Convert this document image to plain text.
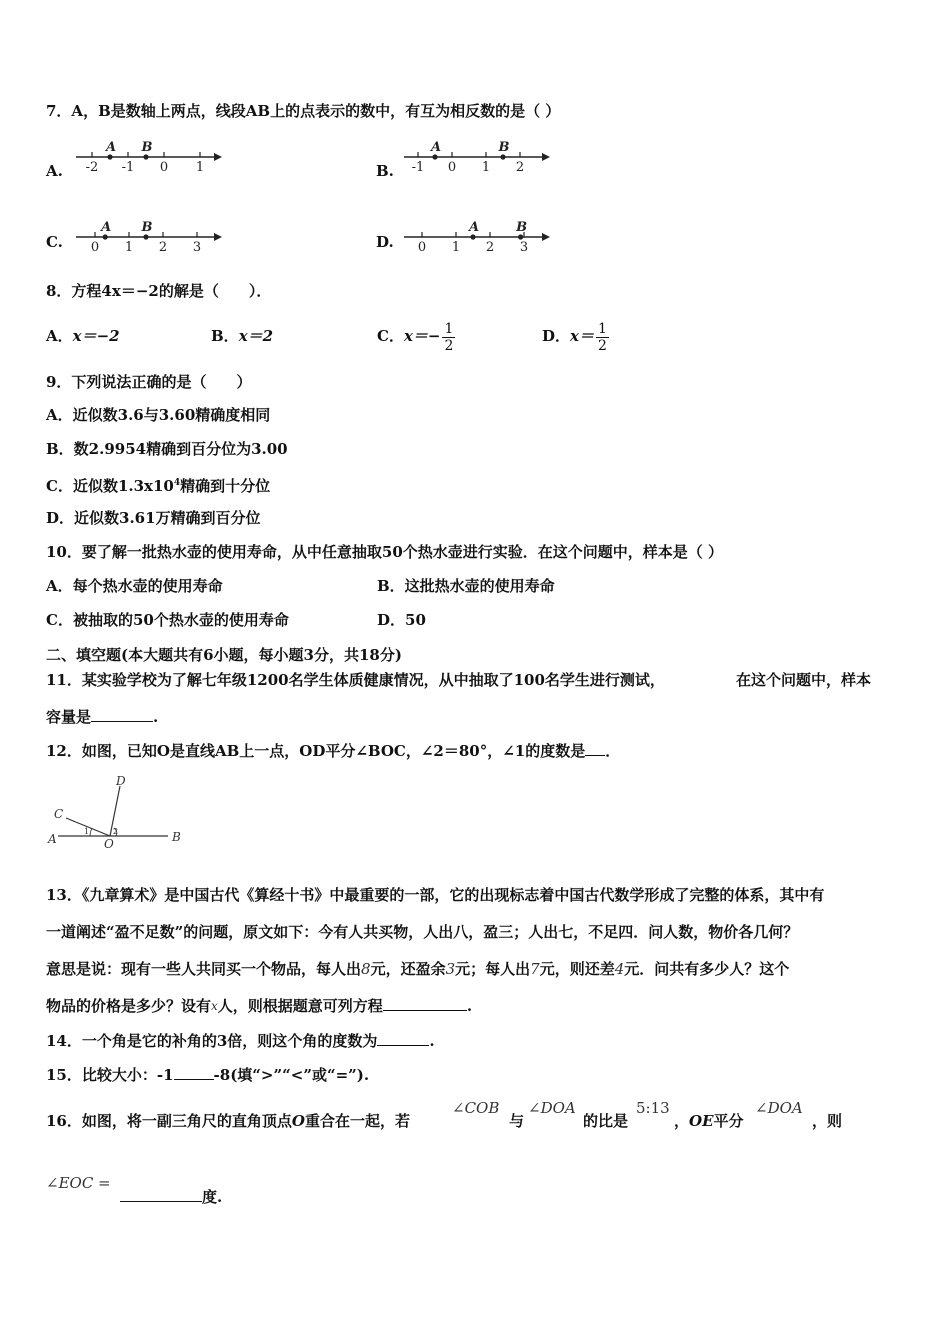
7．A，B是数轴上两点，线段AB上的点表示的数中，有互为相反数的是（ ）
A. -2 -1 0 1
A B
B. -1 0 1 2
A	B
C. 0 1 2 3
A B
D. 0 1 2 3
A	B
8．方程4x＝−2的解是（　　）．
A．x＝−2	B．x＝2	C．$x=- \frac{1}{2}$	D．$x= \frac{1}{2}$
9．下列说法正确的是（　　）
A．近似数3.6与3.60精确度相同
B．数2.9954精确到百分位为3.00
C．近似数$1.3x10^4$精确到十分位
D．近似数3.61万精确到百分位
10．要了解一批热水壶的使用寿命，从中任意抽取50个热水壶进行实验．在这个问题中，样本是（ ）
A．每个热水壶的使用寿命	B．这批热水壶的使用寿命
C．被抽取的50个热水壶的使用寿命	D．50
二、填空题(本大题共有6小题，每小题3分，共18分)
11．某实验学校为了解七年级1200名学生体质健康情况，从中抽取了100名学生进行测试，	在这个问题中，样本
容量是	.
12．如图，已知O是直线AB上一点，OD平分∠BOC，∠2＝80°，∠1的度数是 ．
A	B
C
D
O
1	2
13．《九章算术》是中国古代《算经十书》中最重要的一部，它的出现标志着中国古代数学形成了完整的体系，其中有
一道阐述“盈不足数”的问题，原文如下：今有人共买物，人出八，盈三；人出七，不足四．问人数，物价各几何？
意思是说：现有一些人共同买一个物品，每人出8元，还盈余3元；每人出7元，则还差4元．问共有多少人？这个
物品的价格是多少？设有$^x$人，则根据题意可列方程	.
14．一个角是它的补角的3倍，则这个角的度数为	.
15．比较大小：-1	-8(填“>”“<”或“=”).
16．如图，将一副三角尺的直角顶点O重合在一起，若
∠COB
与
∠DOA
的比是
5:13
，OE平分
∠DOA
，则
∠EOC =
度.
